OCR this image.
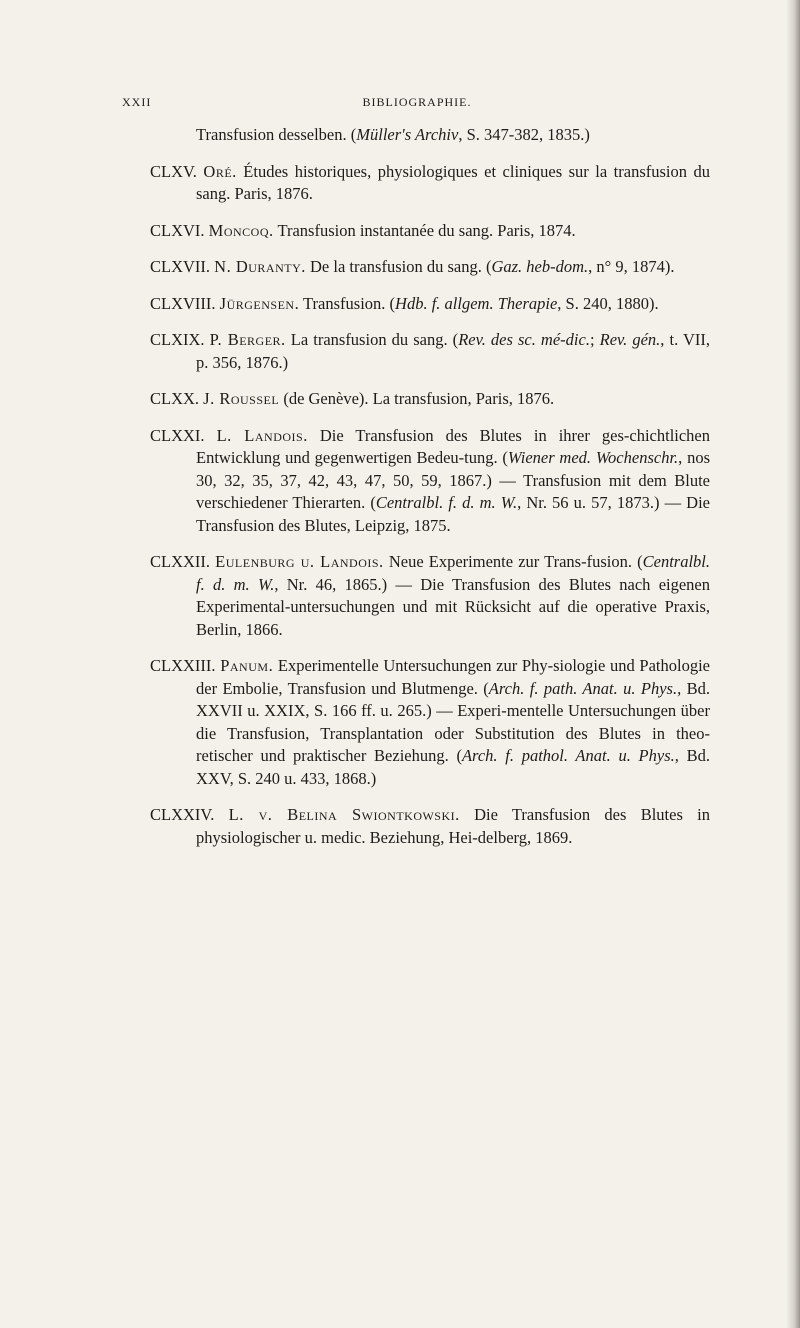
XXII	BIBLIOGRAPHIE.

Transfusion desselben. (Müller's Archiv, S. 347-382, 1835.)

CLXV. Oré. Études historiques, physiologiques et cliniques sur la transfusion du sang. Paris, 1876.

CLXVI. Moncoq. Transfusion instantanée du sang. Paris, 1874.

CLXVII. N. Duranty. De la transfusion du sang. (Gaz. heb-dom., n° 9, 1874).

CLXVIII. Jürgensen. Transfusion. (Hdb. f. allgem. Therapie, S. 240, 1880).

CLXIX. P. Berger. La transfusion du sang. (Rev. des sc. mé-dic.; Rev. gén., t. VII, p. 356, 1876.)

CLXX. J. Roussel (de Genève). La transfusion, Paris, 1876.

CLXXI. L. Landois. Die Transfusion des Blutes in ihrer ges-chichtlichen Entwicklung und gegenwertigen Bedeu-tung. (Wiener med. Wochenschr., nos 30, 32, 35, 37, 42, 43, 47, 50, 59, 1867.) — Transfusion mit dem Blute verschiedener Thierarten. (Centralbl. f. d. m. W., Nr. 56 u. 57, 1873.) — Die Transfusion des Blutes, Leipzig, 1875.

CLXXII. Eulenburg u. Landois. Neue Experimente zur Trans-fusion. (Centralbl. f. d. m. W., Nr. 46, 1865.) — Die Transfusion des Blutes nach eigenen Experimental-untersuchungen und mit Rücksicht auf die operative Praxis, Berlin, 1866.

CLXXIII. Panum. Experimentelle Untersuchungen zur Phy-siologie und Pathologie der Embolie, Transfusion und Blutmenge. (Arch. f. path. Anat. u. Phys., Bd. XXVII u. XXIX, S. 166 ff. u. 265.) — Experi-mentelle Untersuchungen über die Transfusion, Transplantation oder Substitution des Blutes in theo-retischer und praktischer Beziehung. (Arch. f. pathol. Anat. u. Phys., Bd. XXV, S. 240 u. 433, 1868.)

CLXXIV. L. v. Belina Swiontkowski. Die Transfusion des Blutes in physiologischer u. medic. Beziehung, Hei-delberg, 1869.
